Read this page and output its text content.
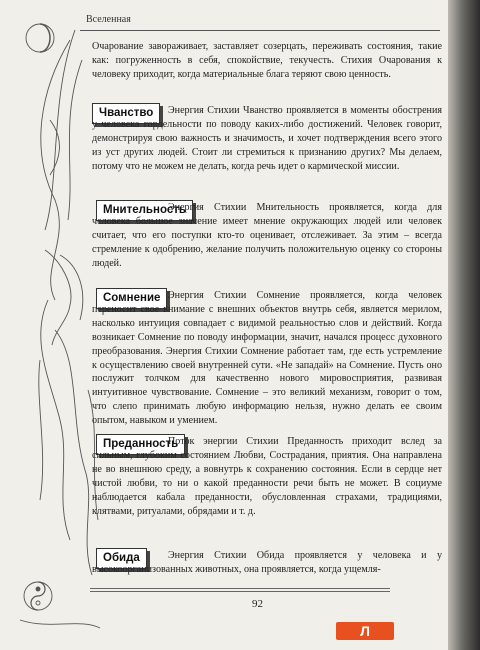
Вселенная

Очарование завораживает, заставляет созерцать, переживать состояния, такие как: погруженность в себя, спокойствие, текучесть. Стихия Очарования к человеку приходит, когда материальные блага теряют свою ценность.

Чванство	Энергия Стихии Чванство проявляется в моменты обострения у человека гордельности по поводу каких-либо достижений. Человек говорит, демонстрируя свою важность и значимость, и хочет подтверждения всего этого из уст других людей. Стоит ли стремиться к признанию других? Мы делаем, потому что не можем не делать, когда речь идет о кармической миссии.

Мнительность

Энергия Стихии Мнительность проявляется, когда для человека большое значение имеет мнение окружающих людей или человек считает, что его поступки кто-то оценивает, отслеживает. За этим – всегда стремление к одобрению, желание получить положительную оценку со стороны людей.

Сомнение Энергия Стихии Сомнение проявляется, когда человек переносит свое внимание с внешних объектов внутрь себя, является мерилом, насколько интуиция совпадает с видимой реальностью слов и действий. Когда возникает Сомнение по поводу информации, значит, начался процесс духовного преобразования. Энергия Стихии Сомнение работает там, где есть устремление к осуществлению своей внутренней сути. «Не западай» на Сомнение. Пусть оно послужит толчком для качественно нового мировосприятия, развивая интуитивное чувствование. Сомнение – это великий механизм, говорит о том, что слепо принимать любую информацию нельзя, нужно делать ее своим опытом, навыком и умением.

Преданность

Поток энергии Стихии Преданность приходит вслед за сильным, глубоким состоянием Любви, Сострадания, приятия. Она направлена не во внешнюю среду, а вовнутрь к сохранению состояния. Если в сердце нет чистой любви, то ни о какой преданности речи быть не может. В социуме наблюдается кабала преданности, обусловленная страхами, традициями, клятвами, ритуалами, обрядами и т. д.

Обида	Энергия Стихии Обида проявляется у человека и у высокоорганизованных животных, она проявляется, когда ущемля-

92
Л
